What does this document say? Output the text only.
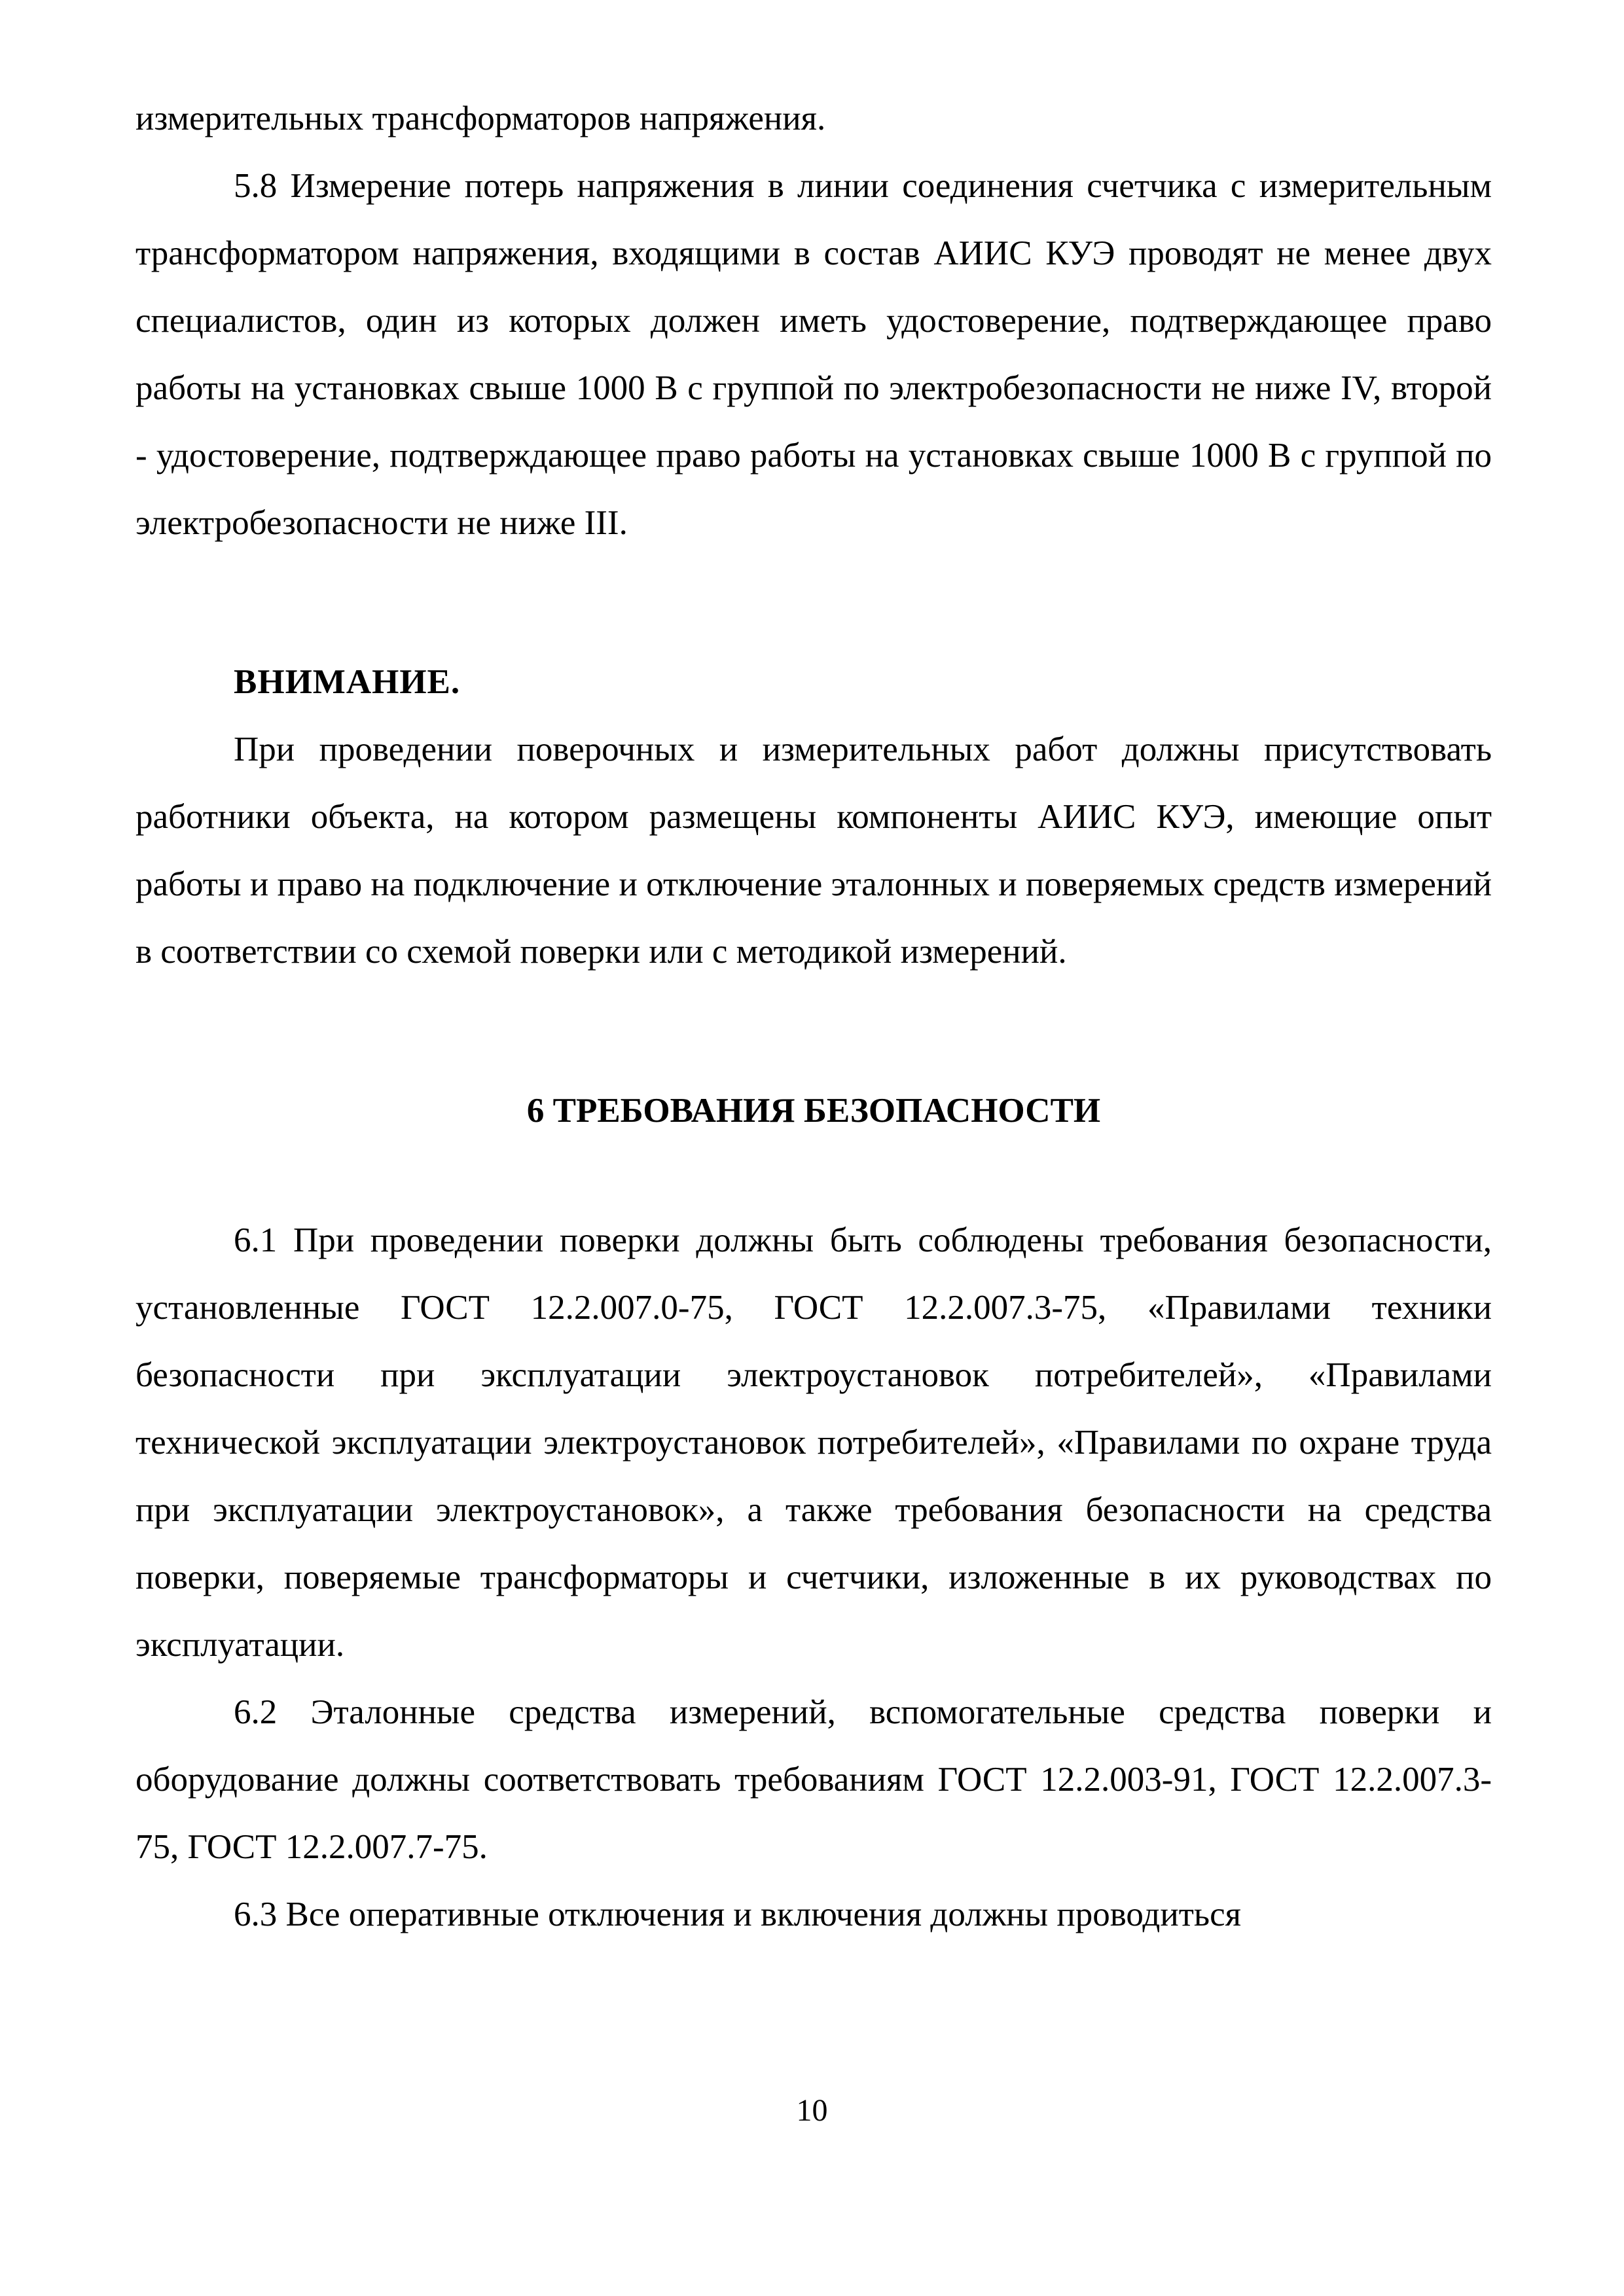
измерительных трансформаторов напряжения.

5.8 Измерение потерь напряжения в линии соединения счетчика с измерительным трансформатором напряжения, входящими в состав АИИС КУЭ проводят не менее двух специалистов, один из которых должен иметь удостоверение, подтверждающее право работы на установках свыше 1000 В с группой по электробезопасности не ниже IV, второй - удостоверение, подтверждающее право работы на установках свыше 1000 В с группой по электробезопасности не ниже III.

ВНИМАНИЕ.

При проведении поверочных и измерительных работ должны присутствовать работники объекта, на котором размещены компоненты АИИС КУЭ, имеющие опыт работы и право на подключение и отключение эталонных и поверяемых средств измерений в соответствии со схемой поверки или с методикой измерений.

6 ТРЕБОВАНИЯ БЕЗОПАСНОСТИ

6.1 При проведении поверки должны быть соблюдены требования безопасности, установленные ГОСТ 12.2.007.0-75, ГОСТ 12.2.007.3-75, «Правилами техники безопасности при эксплуатации электроустановок потребителей», «Правилами технической эксплуатации электроустановок потребителей», «Правилами по охране труда при эксплуатации электроустановок», а также требования безопасности на средства поверки, поверяемые трансформаторы и счетчики, изложенные в их руководствах по эксплуатации.

6.2 Эталонные средства измерений, вспомогательные средства поверки и оборудование должны соответствовать требованиям ГОСТ 12.2.003-91, ГОСТ 12.2.007.3-75, ГОСТ 12.2.007.7-75.

6.3 Все оперативные отключения и включения должны проводиться

10
